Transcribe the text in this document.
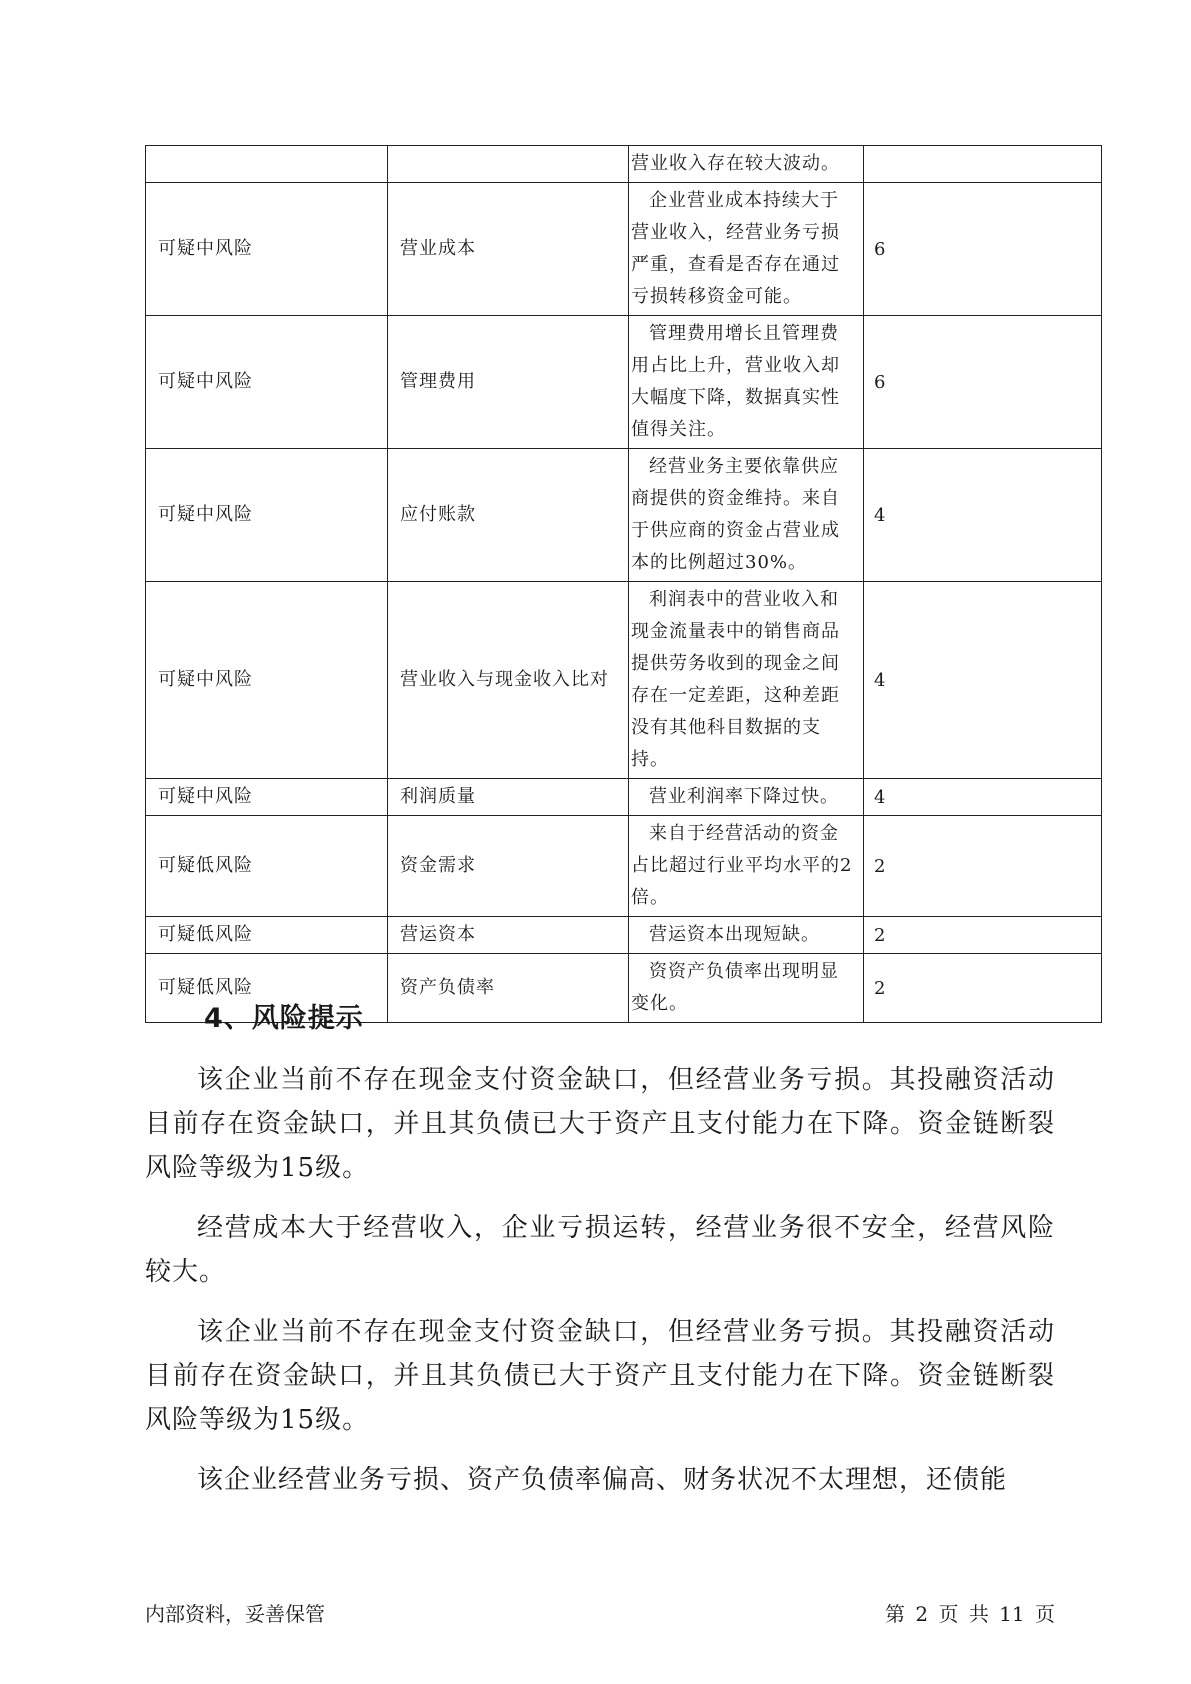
		营业收入存在较大波动。	

可疑中风险	营业成本	企业营业成本持续大于营业收入，经营业务亏损严重，查看是否存在通过亏损转移资金可能。	6
可疑中风险	管理费用	管理费用增长且管理费用占比上升，营业收入却大幅度下降，数据真实性值得关注。	6
可疑中风险	应付账款	经营业务主要依靠供应商提供的资金维持。来自于供应商的资金占营业成本的比例超过30%。	4
可疑中风险	营业收入与现金收入比对	利润表中的营业收入和现金流量表中的销售商品提供劳务收到的现金之间存在一定差距，这种差距没有其他科目数据的支持。	4
可疑中风险	利润质量	营业利润率下降过快。	4
可疑低风险	资金需求	来自于经营活动的资金占比超过行业平均水平的2倍。	2
可疑低风险	营运资本	营运资本出现短缺。	2
可疑低风险	资产负债率	资资产负债率出现明显变化。	2
4、风险提示

该企业当前不存在现金支付资金缺口，但经营业务亏损。其投融资活动目前存在资金缺口，并且其负债已大于资产且支付能力在下降。资金链断裂风险等级为15级。

经营成本大于经营收入，企业亏损运转，经营业务很不安全，经营风险较大。

该企业当前不存在现金支付资金缺口，但经营业务亏损。其投融资活动目前存在资金缺口，并且其负债已大于资产且支付能力在下降。资金链断裂风险等级为15级。

该企业经营业务亏损、资产负债率偏高、财务状况不太理想，还债能

内部资料，妥善保管	第 2 页 共 11 页
